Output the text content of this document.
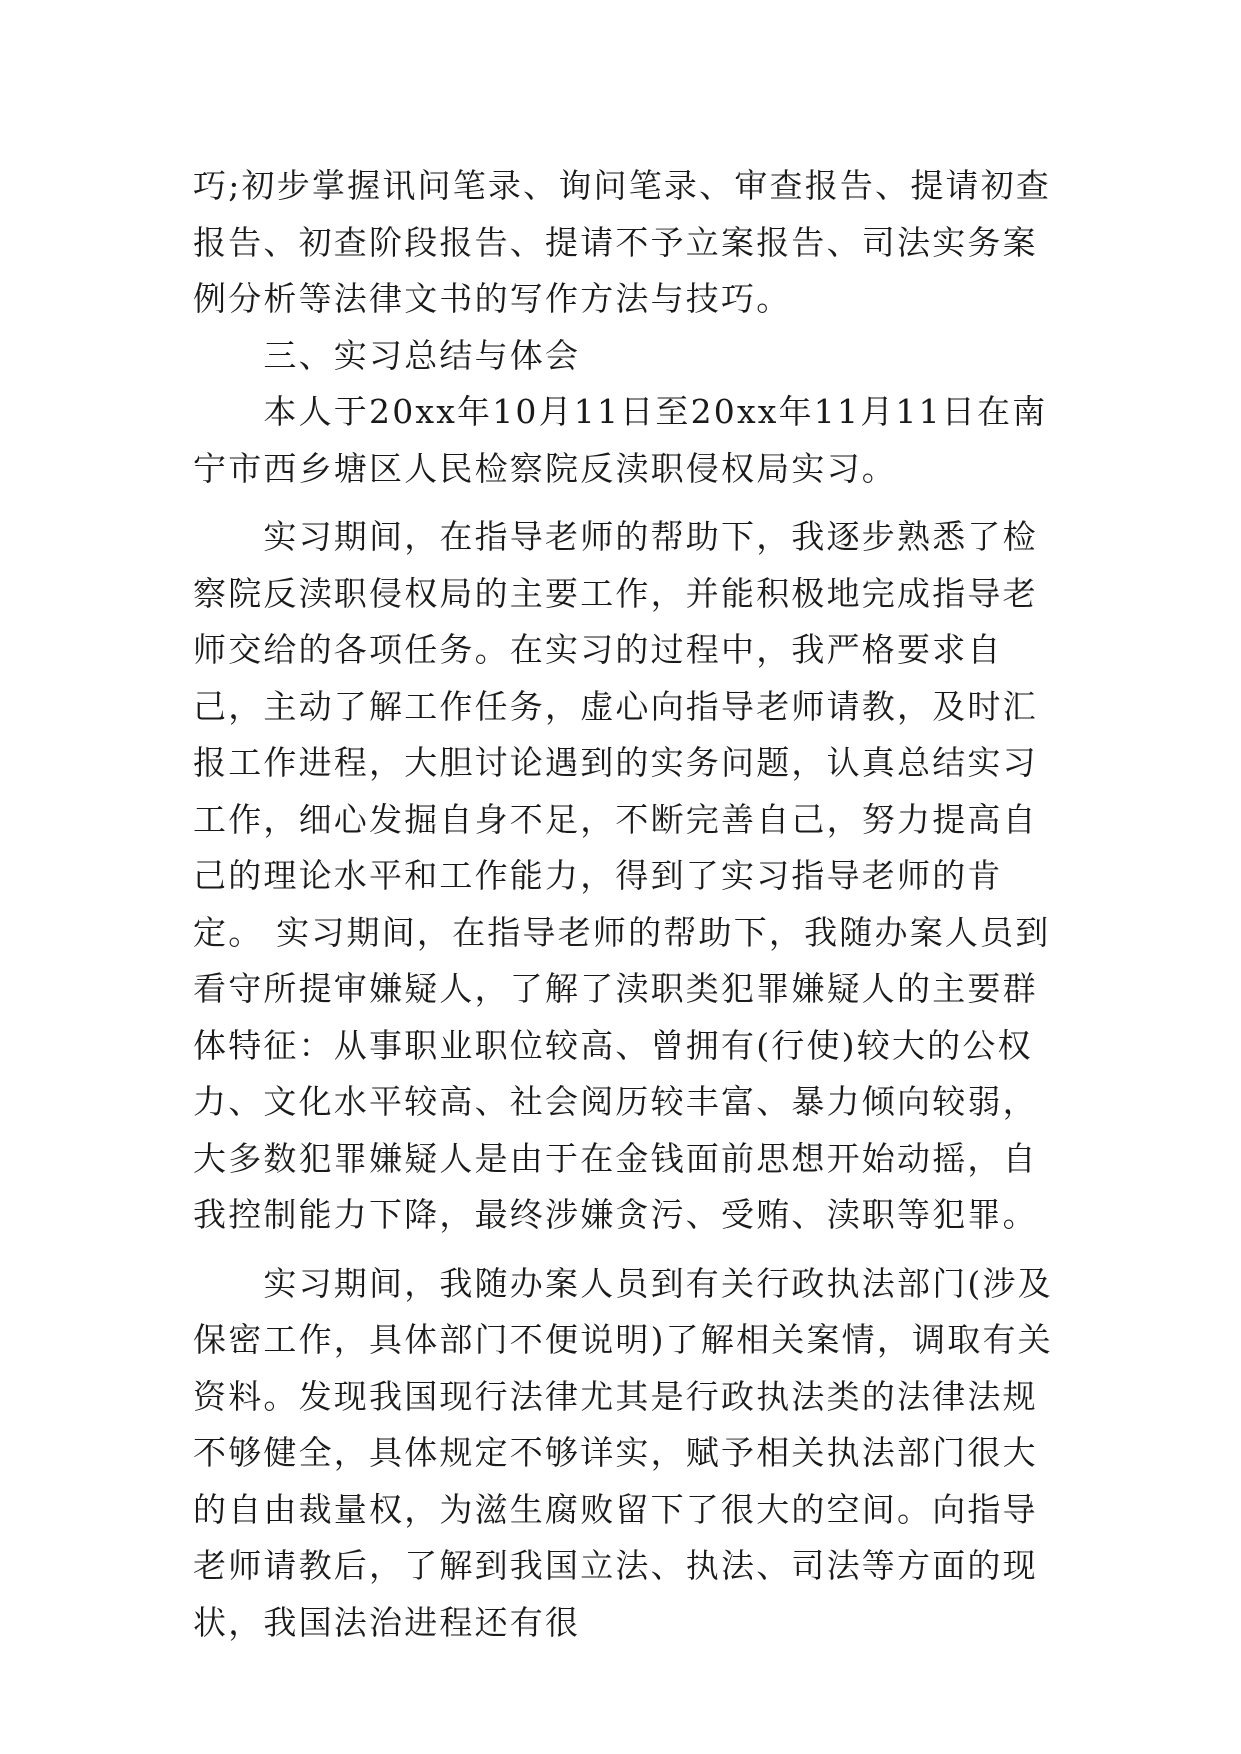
巧;初步掌握讯问笔录、询问笔录、审查报告、提请初查报告、初查阶段报告、提请不予立案报告、司法实务案例分析等法律文书的写作方法与技巧。

　　三、实习总结与体会

　　本人于20xx年10月11日至20xx年11月11日在南宁市西乡塘区人民检察院反渎职侵权局实习。

　　实习期间，在指导老师的帮助下，我逐步熟悉了检察院反渎职侵权局的主要工作，并能积极地完成指导老师交给的各项任务。在实习的过程中，我严格要求自己，主动了解工作任务，虚心向指导老师请教，及时汇报工作进程，大胆讨论遇到的实务问题，认真总结实习工作，细心发掘自身不足，不断完善自己，努力提高自己的理论水平和工作能力，得到了实习指导老师的肯定。 实习期间，在指导老师的帮助下，我随办案人员到看守所提审嫌疑人，了解了渎职类犯罪嫌疑人的主要群体特征：从事职业职位较高、曾拥有(行使)较大的公权力、文化水平较高、社会阅历较丰富、暴力倾向较弱，大多数犯罪嫌疑人是由于在金钱面前思想开始动摇，自我控制能力下降，最终涉嫌贪污、受贿、渎职等犯罪。

　　实习期间，我随办案人员到有关行政执法部门(涉及保密工作，具体部门不便说明)了解相关案情，调取有关资料。发现我国现行法律尤其是行政执法类的法律法规不够健全，具体规定不够详实，赋予相关执法部门很大的自由裁量权，为滋生腐败留下了很大的空间。向指导老师请教后，了解到我国立法、执法、司法等方面的现状，我国法治进程还有很
